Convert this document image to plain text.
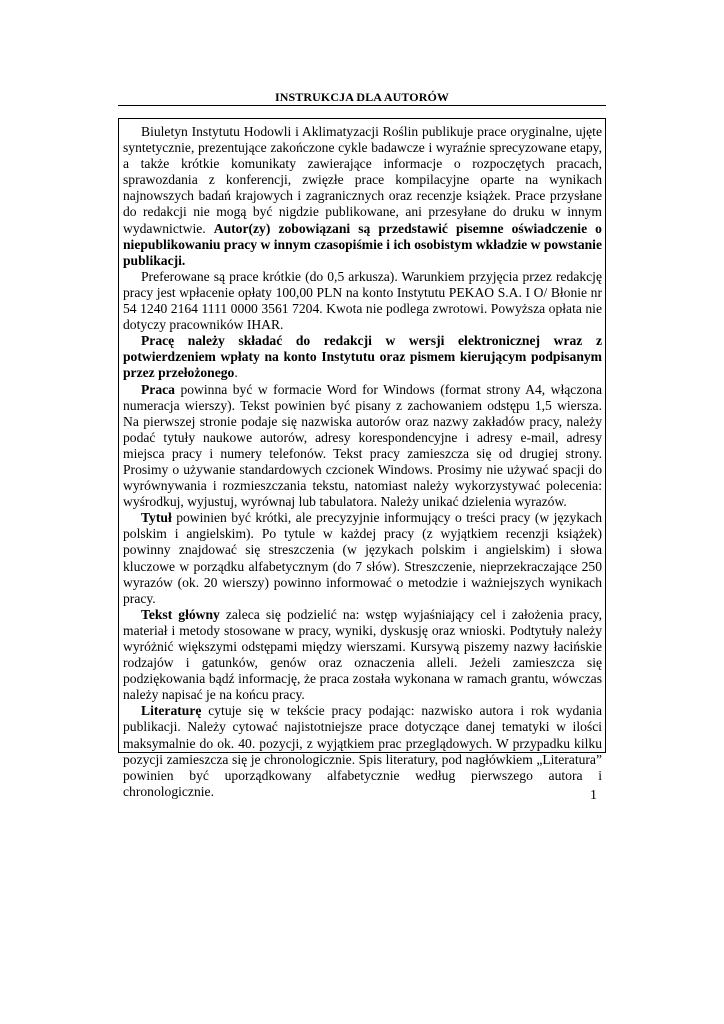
INSTRUKCJA DLA AUTORÓW

Biuletyn Instytutu Hodowli i Aklimatyzacji Roślin publikuje prace oryginalne, ujęte syntetycznie, prezentujące zakończone cykle badawcze i wyraźnie sprecyzowane etapy, a także krótkie komunikaty zawierające informacje o rozpoczętych pracach, sprawozdania z konferencji, zwięzłe prace kompilacyjne oparte na wynikach najnowszych badań krajowych i zagranicznych oraz recenzje książek. Prace przysłane do redakcji nie mogą być nigdzie publikowane, ani przesyłane do druku w innym wydawnictwie. Autor(zy) zobowiązani są przedstawić pisemne oświadczenie o niepublikowaniu pracy w innym czasopiśmie i ich osobistym wkładzie w powstanie publikacji.

Preferowane są prace krótkie (do 0,5 arkusza). Warunkiem przyjęcia przez redakcję pracy jest wpłacenie opłaty 100,00 PLN na konto Instytutu PEKAO S.A. I O/ Błonie nr 54 1240 2164 1111 0000 3561 7204. Kwota nie podlega zwrotowi. Powyższa opłata nie dotyczy pracowników IHAR.

Pracę należy składać do redakcji w wersji elektronicznej wraz z potwierdzeniem wpłaty na konto Instytutu oraz pismem kierującym podpisanym przez przełożonego.

Praca powinna być w formacie Word for Windows (format strony A4, włączona numeracja wierszy). Tekst powinien być pisany z zachowaniem odstępu 1,5 wiersza. Na pierwszej stronie podaje się nazwiska autorów oraz nazwy zakładów pracy, należy podać tytuły naukowe autorów, adresy korespondencyjne i adresy e-mail, adresy miejsca pracy i numery telefonów. Tekst pracy zamieszcza się od drugiej strony. Prosimy o używanie standardowych czcionek Windows. Prosimy nie używać spacji do wyrównywania i rozmieszczania tekstu, natomiast należy wykorzystywać polecenia: wyśrodkuj, wyjustuj, wyrównaj lub tabulatora. Należy unikać dzielenia wyrazów.

Tytuł powinien być krótki, ale precyzyjnie informujący o treści pracy (w językach polskim i angielskim). Po tytule w każdej pracy (z wyjątkiem recenzji książek) powinny znajdować się streszczenia (w językach polskim i angielskim) i słowa kluczowe w porządku alfabetycznym (do 7 słów). Streszczenie, nieprzekraczające 250 wyrazów (ok. 20 wierszy) powinno informować o metodzie i ważniejszych wynikach pracy.

Tekst główny zaleca się podzielić na: wstęp wyjaśniający cel i założenia pracy, materiał i metody stosowane w pracy, wyniki, dyskusję oraz wnioski. Podtytuły należy wyróżnić większymi odstępami między wierszami. Kursywą piszemy nazwy łacińskie rodzajów i gatunków, genów oraz oznaczenia alleli. Jeżeli zamieszcza się podziękowania bądź informację, że praca została wykonana w ramach grantu, wówczas należy napisać je na końcu pracy.

Literaturę cytuje się w tekście pracy podając: nazwisko autora i rok wydania publikacji. Należy cytować najistotniejsze prace dotyczące danej tematyki w ilości maksymalnie do ok. 40. pozycji, z wyjątkiem prac przeglądowych. W przypadku kilku pozycji zamieszcza się je chronologicznie. Spis literatury, pod nagłówkiem „Literatura” powinien być uporządkowany alfabetycznie według pierwszego autora i chronologicznie.	1
